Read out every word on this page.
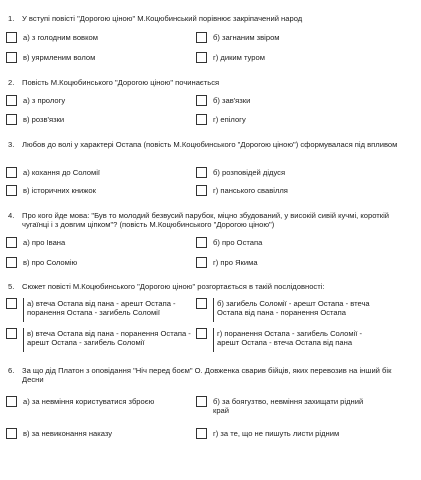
1.	У вступі повісті "Дорогою ціною" М.Коцюбинський порівнює закріпачений народ
а) з голодним вовком	б) загнаним звіром
в) уярмленим волом	г) диким туром
2.	Повість М.Коцюбинського "Дорогою ціною" починається
а) з прологу	б) зав'язки
в) розв'язки	г) епілогу
3.	Любов до волі у характері Остапа (повість М.Коцюбинського "Дорогою ціною") сформувалася під впливом
а) кохання до Соломії	б) розповідей дідуся
в) історичних книжок	г) панського свавілля
4.	Про кого йде мова: "Був то молодий безвусий парубок, міцно збудований, у високій сивій кучмі, короткій чугаїнці і з довгим ціпком"? (повість М.Коцюбинського "Дорогою ціною")
а) про Івана	б) про Остапа
в) про Соломію	г) про Якима
5.	Сюжет повісті М.Коцюбинського "Дорогою ціною" розгортається в такій послідовності:
а) втеча Остапа від пана - арешт Остапа - поранення Остапа - загибель Соломії
б) загибель Соломії - арешт Остапа - втеча Остапа від пана - поранення Остапа
в) втеча Остапа від пана - поранення Остапа - арешт Остапа - загибель Соломії
г) поранення Остапа - загибель Соломії - арешт Остапа - втеча Остапа від пана
6.	За що дід Платон з оповідання "Ніч перед боєм" О. Довженка сварив бійців, яких перевозив на інший бік Десни
а) за невміння користуватися зброєю	б) за боягузтво, невміння захищати рідний край
в) за невиконання наказу	г) за те, що не пишуть листи рідним
